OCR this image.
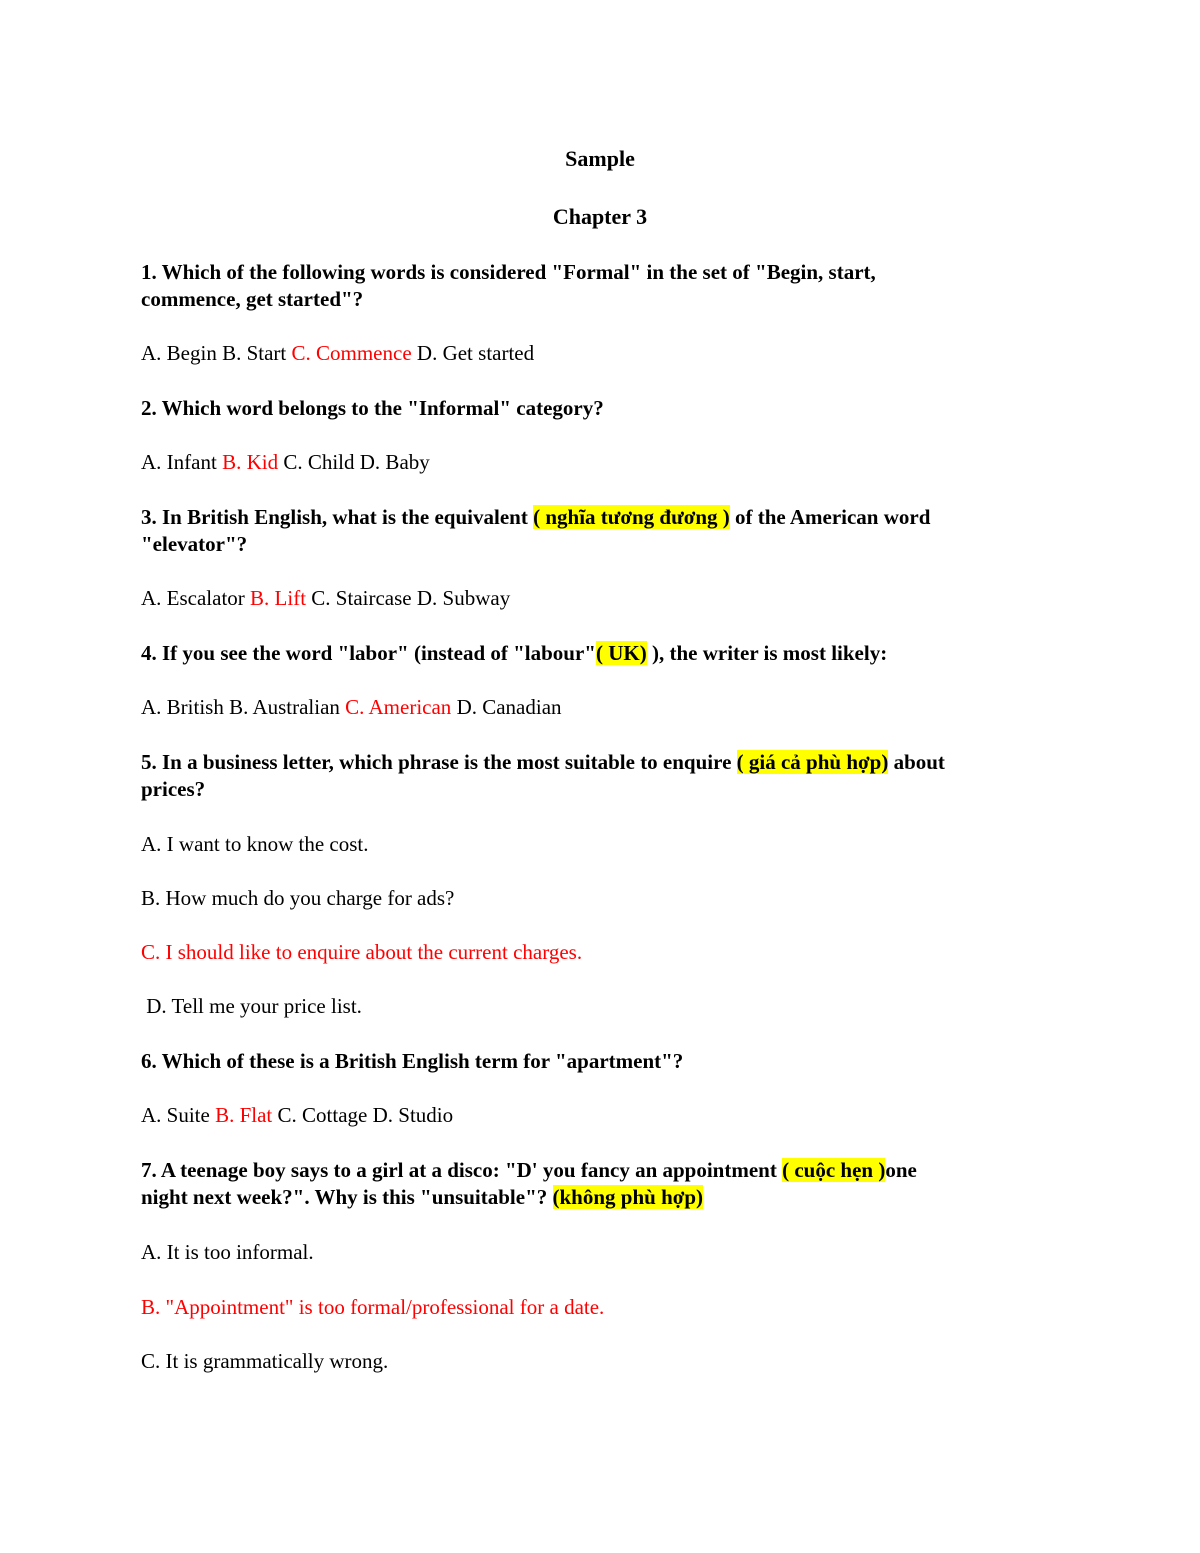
Sample
Chapter 3
1. Which of the following words is considered "Formal" in the set of "Begin, start,
commence, get started"?
A. Begin B. Start C. Commence D. Get started
2. Which word belongs to the "Informal" category?
A. Infant B. Kid C. Child D. Baby
3. In British English, what is the equivalent ( nghĩa tương đương ) of the American word
"elevator"?
A. Escalator B. Lift C. Staircase D. Subway
4. If you see the word "labor" (instead of "labour"( UK) ), the writer is most likely:
A. British B. Australian C. American D. Canadian
5. In a business letter, which phrase is the most suitable to enquire ( giá cả phù hợp) about
prices?
A. I want to know the cost.
B. How much do you charge for ads?
C. I should like to enquire about the current charges.
D. Tell me your price list.
6. Which of these is a British English term for "apartment"?
A. Suite B. Flat C. Cottage D. Studio
7. A teenage boy says to a girl at a disco: "D' you fancy an appointment ( cuộc hẹn )one
night next week?". Why is this "unsuitable"? (không phù hợp)
A. It is too informal.
B. "Appointment" is too formal/professional for a date.
C. It is grammatically wrong.
